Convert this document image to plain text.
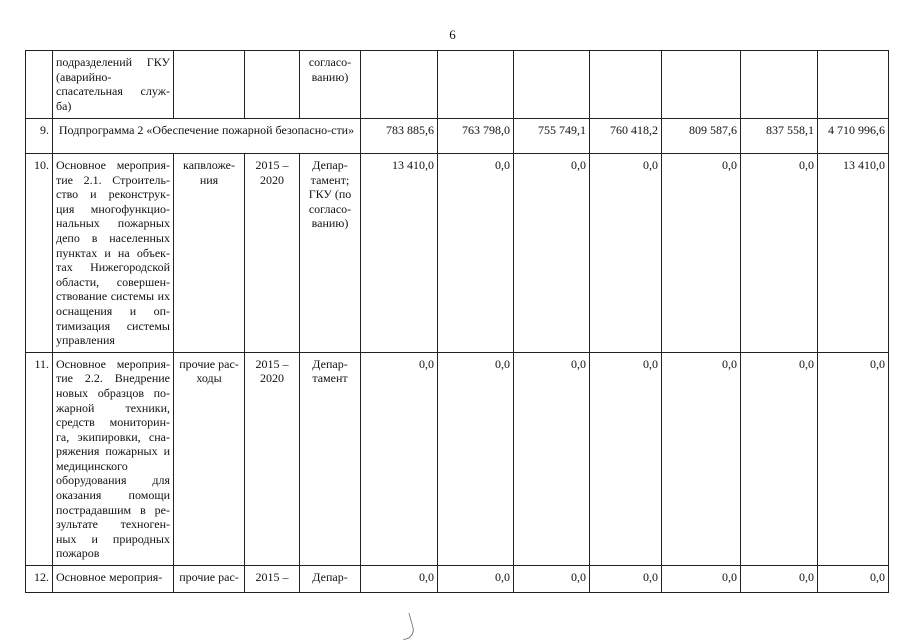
6
	подразделений ГКУ (аварийно-спасательная служ-ба)			согласо-ванию)							
9.	Подпрограмма 2 «Обеспечение пожарной безопасно-сти»				783 885,6	763 798,0	755 749,1	760 418,2	809 587,6	837 558,1	4 710 996,6
10.	Основное мероприя-тие 2.1. Строитель-ство и реконструк-ция многофункцио-нальных пожарных депо в населенных пунктах и на объек-тах Нижегородской области, совершен-ствование системы их оснащения и оп-тимизация системы управления	капвложе-ния	2015 – 2020	Депар-тамент; ГКУ (по согласо-ванию)	13 410,0	0,0	0,0	0,0	0,0	0,0	13 410,0
11.	Основное мероприя-тие 2.2. Внедрение новых образцов по-жарной техники, средств мониторин-га, экипировки, сна-ряжения пожарных и медицинского оборудования для оказания помощи пострадавшим в ре-зультате техноген-ных и природных пожаров	прочие рас-ходы	2015 – 2020	Депар-тамент	0,0	0,0	0,0	0,0	0,0	0,0	0,0
12.	Основное мероприя-	прочие рас-	2015 –	Депар-	0,0	0,0	0,0	0,0	0,0	0,0	0,0
